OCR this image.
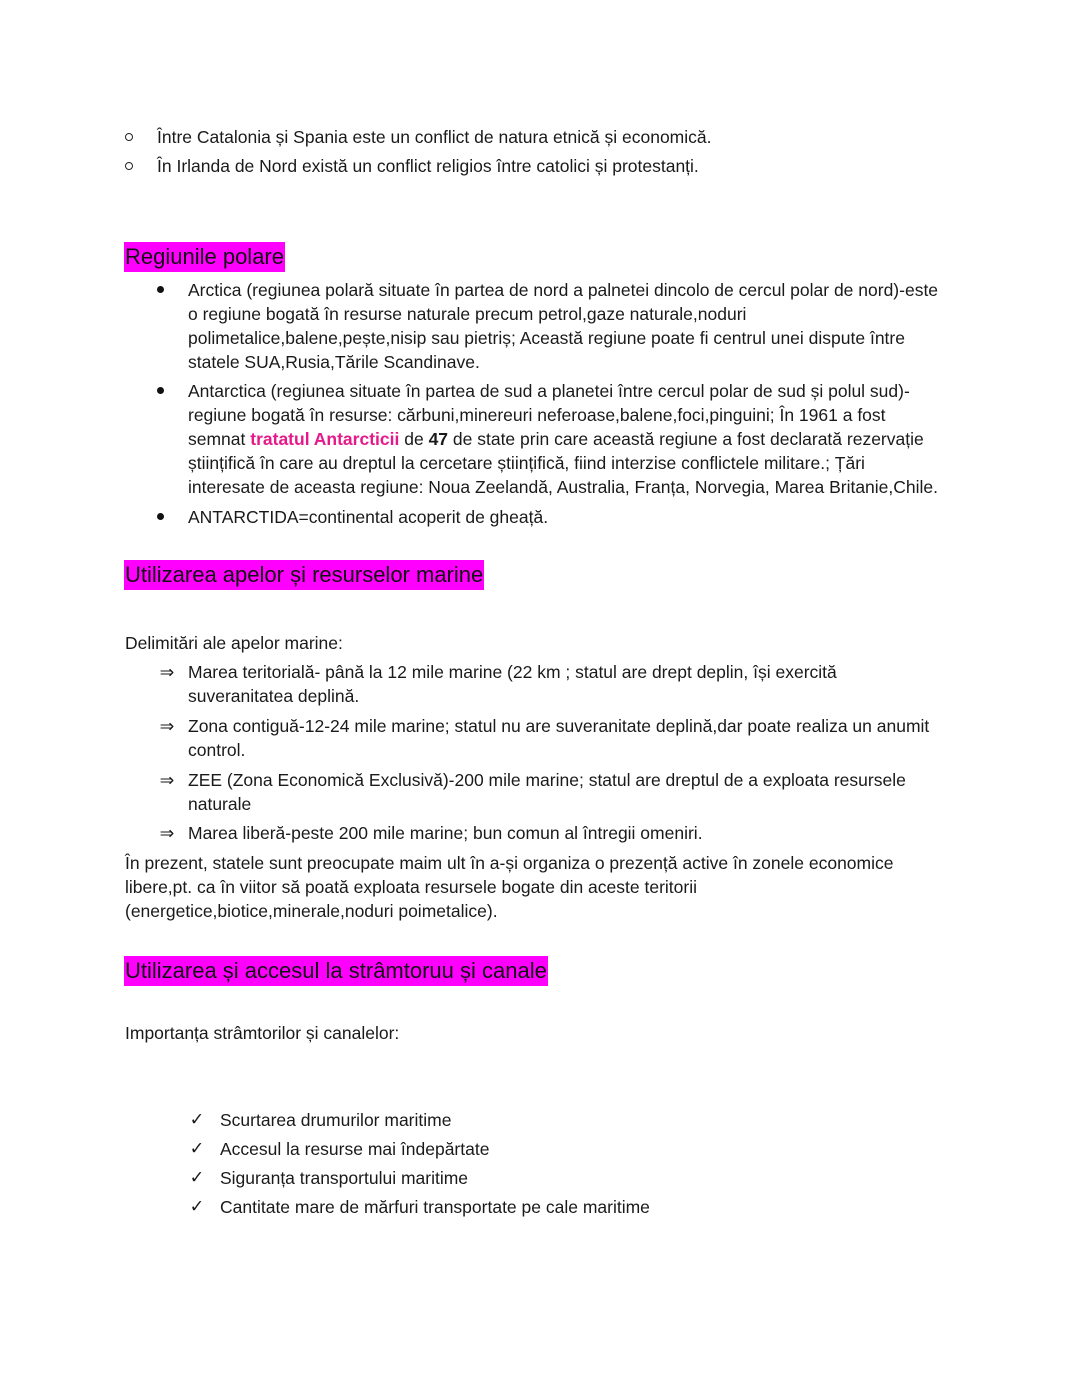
Între Catalonia și Spania este un conflict de natura etnică și economică.
În Irlanda de Nord există un conflict religios între catolici și protestanți.
Regiunile polare
Arctica (regiunea polară situate în partea de nord a palnetei dincolo de cercul polar de nord)-este
o regiune bogată în resurse naturale precum petrol,gaze naturale,noduri
polimetalice,balene,pește,nisip sau pietriș; Această regiune poate fi centrul unei dispute între
statele SUA,Rusia,Tările Scandinave.
Antarctica (regiunea situate în partea de sud a planetei între cercul polar de sud și polul sud)-
regiune bogată în resurse: cărbuni,minereuri neferoase,balene,foci,pinguini; În 1961 a fost
semnat tratatul Antarcticii de 47 de state prin care această regiune a fost declarată rezervație
științifică în care au dreptul la cercetare științifică, fiind interzise conflictele militare.; Țări
interesate de aceasta regiune: Noua Zeelandă, Australia, Franța, Norvegia, Marea Britanie,Chile.
ANTARCTIDA=continental acoperit de gheață.
Utilizarea apelor și resurselor marine
Delimitări ale apelor marine:
⇒ Marea teritorială- până la 12 mile marine (22 km ; statul are drept deplin, își exercită
suveranitatea deplină.
⇒ Zona contiguă-12-24 mile marine; statul nu are suveranitate deplină,dar poate realiza un anumit
control.
⇒ ZEE (Zona Economică Exclusivă)-200 mile marine; statul are dreptul de a exploata resursele
naturale
⇒ Marea liberă-peste 200 mile marine; bun comun al întregii omeniri.
În prezent, statele sunt preocupate maim ult în a-și organiza o prezență active în zonele economice
libere,pt. ca în viitor să poată exploata resursele bogate din aceste teritorii
(energetice,biotice,minerale,noduri poimetalice).
Utilizarea și accesul la strâmtoruu și canale
Importanța strâmtorilor și canalelor:
✓ Scurtarea drumurilor maritime
✓ Accesul la resurse mai îndepărtate
✓ Siguranța transportului maritime
✓ Cantitate mare de mărfuri transportate pe cale maritime
